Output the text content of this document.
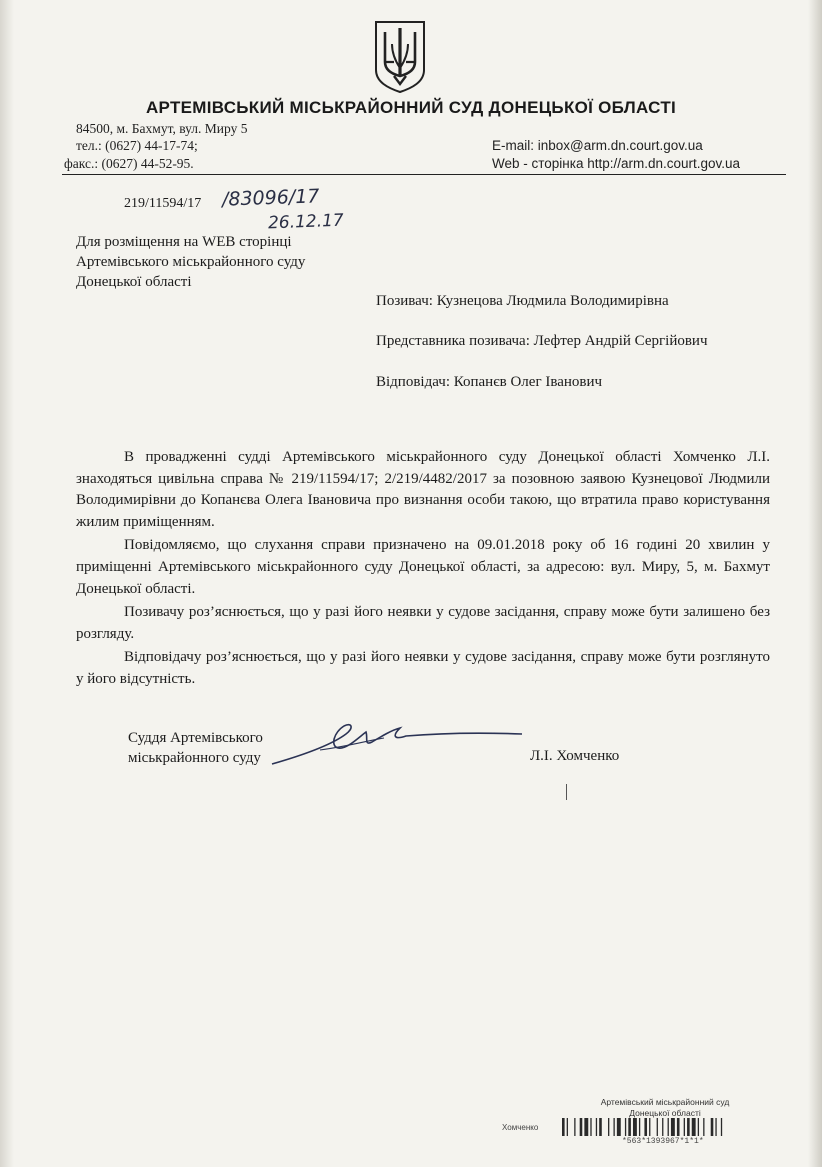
АРТЕМІВСЬКИЙ МІСЬКРАЙОННИЙ СУД ДОНЕЦЬКОЇ ОБЛАСТІ
84500, м. Бахмут, вул. Миру 5
тел.: (0627) 44-17-74;
факс.: (0627) 44-52-95.
E-mail: inbox@arm.dn.court.gov.ua
Web - сторінка http://arm.dn.court.gov.ua
219/11594/17 /83096/17
26.12.17
Для розміщення на WEB сторінці
Артемівського міськрайонного суду
Донецької області
Позивач: Кузнецова Людмила Володимирівна
Представника позивача: Лефтер Андрій Сергійович
Відповідач: Копанєв Олег Іванович

В провадженні судді Артемівського міськрайонного суду Донецької області Хомченко Л.І. знаходяться цивільна справа № 219/11594/17; 2/219/4482/2017 за позовною заявою Кузнецової Людмили Володимирівни до Копанєва Олега Івановича про визнання особи такою, що втратила право користування жилим приміщенням.

Повідомляємо, що слухання справи призначено на 09.01.2018 року об 16 годині 20 хвилин у приміщенні Артемівського міськрайонного суду Донецької області, за адресою: вул. Миру, 5, м. Бахмут Донецької області.

Позивачу роз’яснюється, що у разі його неявки у судове засідання, справу може бути залишено без розгляду.

Відповідачу роз’яснюється, що у разі його неявки у судове засідання, справу може бути розглянуто у його відсутність.

Суддя Артемівського
міськрайонного суду	Л.І. Хомченко
Артемівський міськрайонний суд
Донецької області
Хомченко
*563*1393967*1*1*
